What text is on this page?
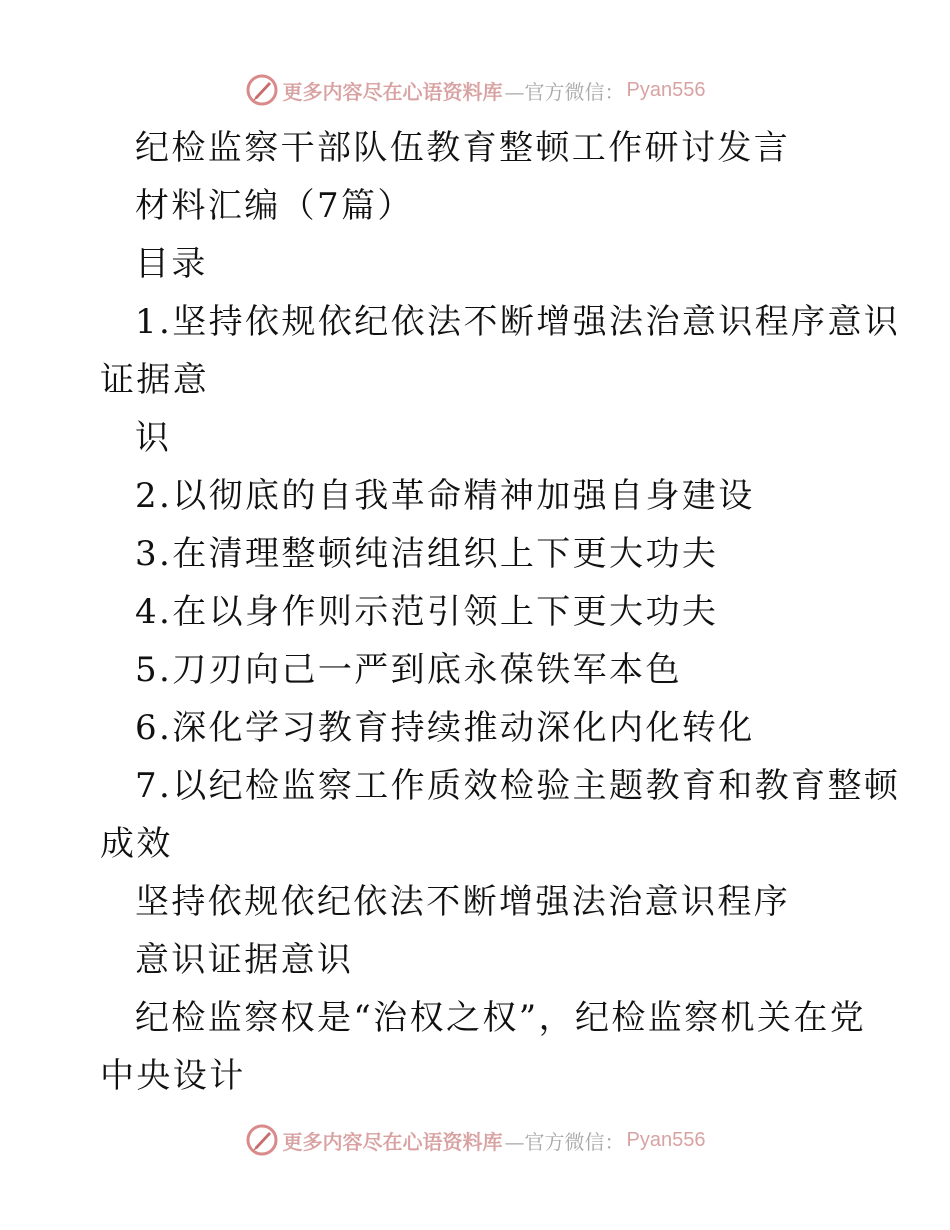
更多内容尽在心语资料库 —官方微信： Pyan556
纪检监察干部队伍教育整顿工作研讨发言
材料汇编（7篇）
目录
1.坚持依规依纪依法不断增强法治意识程序意识
证据意
识
2.以彻底的自我革命精神加强自身建设
3.在清理整顿纯洁组织上下更大功夫
4.在以身作则示范引领上下更大功夫
5.刀刃向己一严到底永葆铁军本色
6.深化学习教育持续推动深化内化转化
7.以纪检监察工作质效检验主题教育和教育整顿
成效
坚持依规依纪依法不断增强法治意识程序
意识证据意识
纪检监察权是“治权之权”，纪检监察机关在党
中央设计
更多内容尽在心语资料库 —官方微信： Pyan556
